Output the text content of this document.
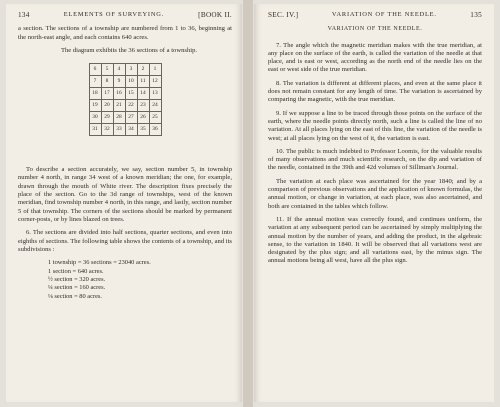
134	ELEMENTS OF SURVEYING.	[BOOK II.

a section. The sections of a township are numbered from 1 to 36, beginning at the north-east angle, and each contains 640 acres.

The diagram exhibits the 36 sections of a township.

6	5	4	3	2	1
7	8	9	10	11	12
18	17	16	15	14	13
19	20	21	22	23	24
30	29	28	27	26	25
31	32	33	34	35	36

To describe a section accurately, we say, section number 5, in township number 4 north, in range 34 west of a known meridian; the one, for example, drawn through the mouth of White river. The description fixes precisely the place of the section. Go to the 3d range of townships, west of the known meridian, find township number 4 north, in this range, and lastly, section number 5 of that township. The corners of the sections should be marked by permanent corner-posts, or by lines blazed on trees.

6. The sections are divided into half sections, quarter sections, and even into eighths of sections. The following table shows the contents of a township, and its subdivisions :

1 township = 36 sections = 23040 acres.
1 section = 640 acres.
½ section = 320 acres.
¼ section = 160 acres.
⅛ section = 80 acres.
SEC. IV.]	VARIATION OF THE NEEDLE.	135
VARIATION OF THE NEEDLE.

7. The angle which the magnetic meridian makes with the true meridian, at any place on the surface of the earth, is called the variation of the needle at that place, and is east or west, according as the north end of the needle lies on the east or west side of the true meridian.

8. The variation is different at different places, and even at the same place it does not remain constant for any length of time. The variation is ascertained by comparing the magnetic, with the true meridian.

9. If we suppose a line to be traced through those points on the surface of the earth, where the needle points directly north, such a line is called the line of no variation. At all places lying on the east of this line, the variation of the needle is west; at all places lying on the west of it, the variation is east.

10. The public is much indebted to Professor Loomis, for the valuable results of many observations and much scientific research, on the dip and variation of the needle, contained in the 39th and 42d volumes of Silliman's Journal.

The variation at each place was ascertained for the year 1840; and by a comparison of previous observations and the application of known formulas, the annual motion, or change in variation, at each place, was also ascertained, and both are contained in the tables which follow.

11. If the annual motion was correctly found, and continues uniform, the variation at any subsequent period can be ascertained by simply multiplying the annual motion by the number of years, and adding the product, in the algebraic sense, to the variation in 1840. It will be observed that all variations west are designated by the plus sign; and all variations east, by the minus sign. The annual motions being all west, have all the plus sign.
